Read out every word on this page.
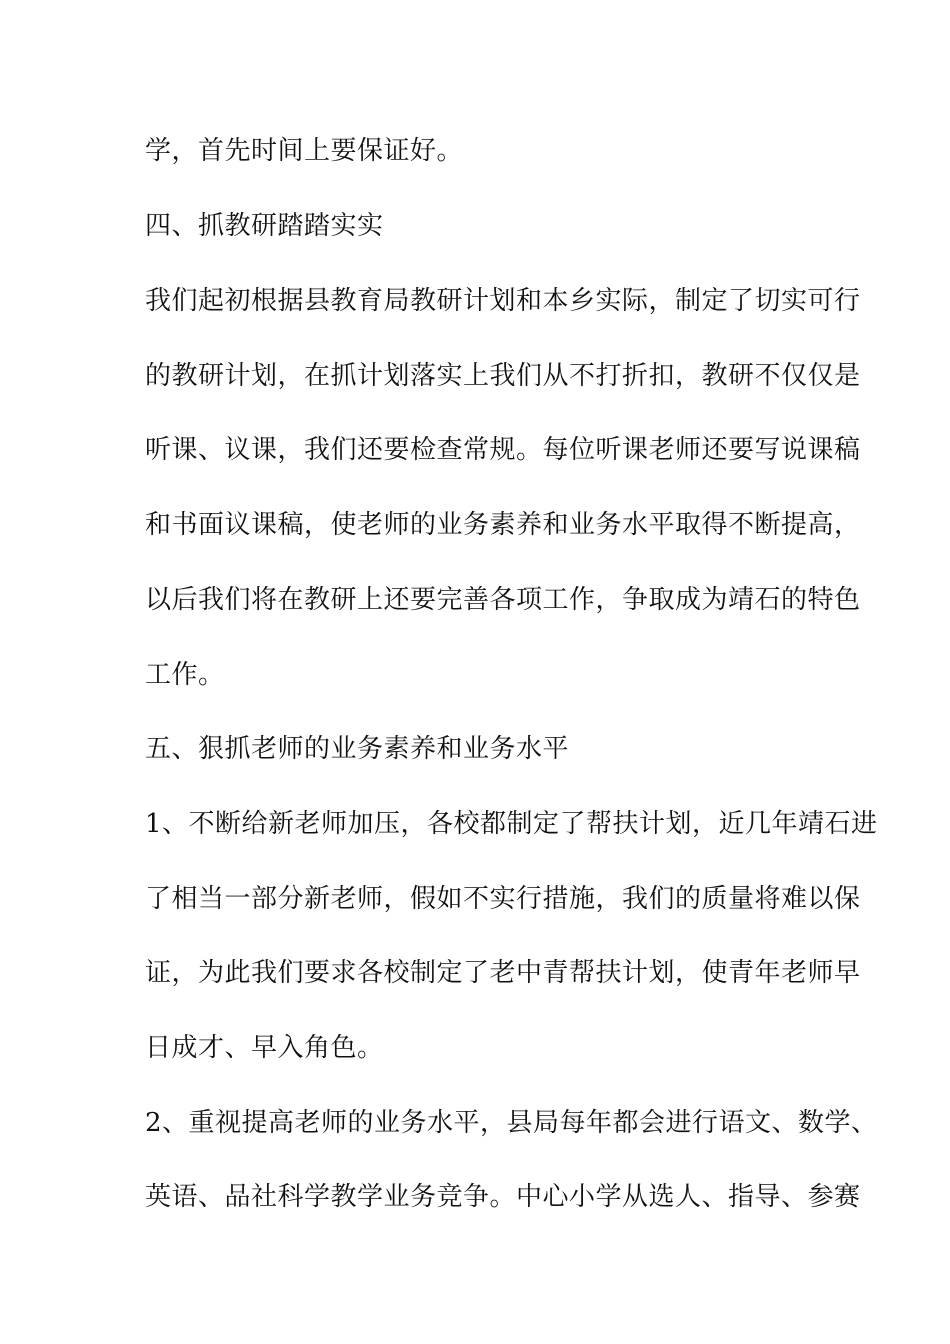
学，首先时间上要保证好。
四、抓教研踏踏实实
我们起初根据县教育局教研计划和本乡实际，制定了切实可行
的教研计划，在抓计划落实上我们从不打折扣，教研不仅仅是
听课、议课，我们还要检查常规。每位听课老师还要写说课稿
和书面议课稿，使老师的业务素养和业务水平取得不断提高，
以后我们将在教研上还要完善各项工作，争取成为靖石的特色
工作。
五、狠抓老师的业务素养和业务水平
1、不断给新老师加压，各校都制定了帮扶计划，近几年靖石进
了相当一部分新老师，假如不实行措施，我们的质量将难以保
证，为此我们要求各校制定了老中青帮扶计划，使青年老师早
日成才、早入角色。
2、重视提高老师的业务水平，县局每年都会进行语文、数学、
英语、品社科学教学业务竞争。中心小学从选人、指导、参赛
